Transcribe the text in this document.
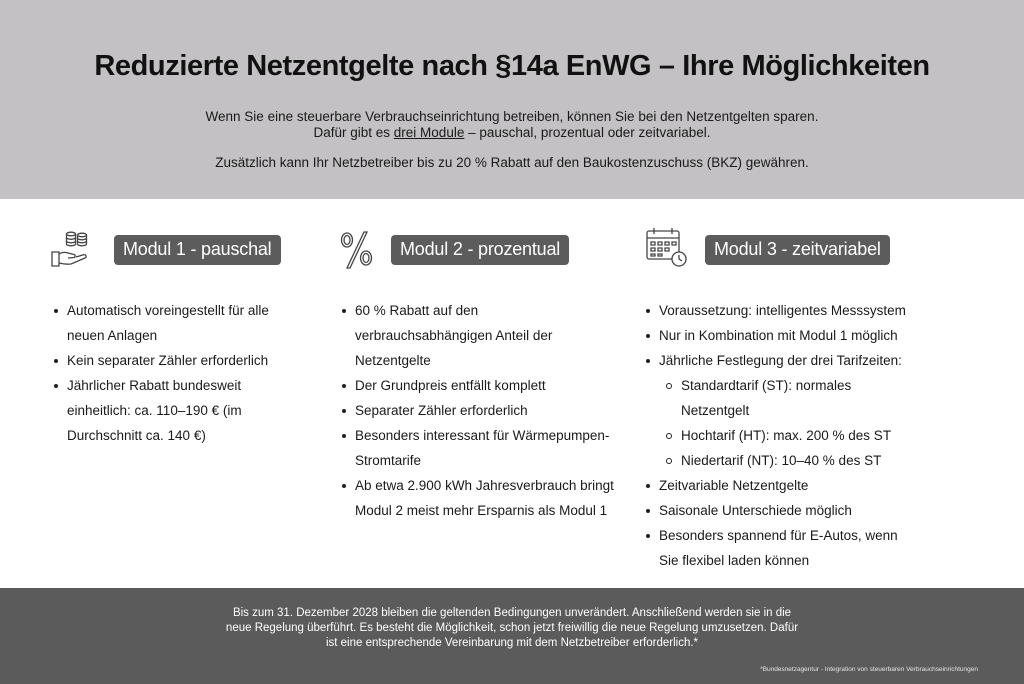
Reduzierte Netzentgelte nach §14a EnWG – Ihre Möglichkeiten
Wenn Sie eine steuerbare Verbrauchseinrichtung betreiben, können Sie bei den Netzentgelten sparen.
Dafür gibt es drei Module – pauschal, prozentual oder zeitvariabel.
Zusätzlich kann Ihr Netzbetreiber bis zu 20 % Rabatt auf den Baukostenzuschuss (BKZ) gewähren.
Modul 1 - pauschal
Automatisch voreingestellt für alle
neuen Anlagen
Kein separater Zähler erforderlich
Jährlicher Rabatt bundesweit
einheitlich: ca. 110–190 € (im
Durchschnitt ca. 140 €)
Modul 2 - prozentual
60 % Rabatt auf den
verbrauchsabhängigen Anteil der
Netzentgelte
Der Grundpreis entfällt komplett
Separater Zähler erforderlich
Besonders interessant für Wärmepumpen-
Stromtarife
Ab etwa 2.900 kWh Jahresverbrauch bringt
Modul 2 meist mehr Ersparnis als Modul 1
Modul 3 - zeitvariabel
Voraussetzung: intelligentes Messsystem
Nur in Kombination mit Modul 1 möglich
Jährliche Festlegung der drei Tarifzeiten:
Standardtarif (ST): normales
Netzentgelt
Hochtarif (HT): max. 200 % des ST
Niedertarif (NT): 10–40 % des ST
Zeitvariable Netzentgelte
Saisonale Unterschiede möglich
Besonders spannend für E-Autos, wenn
Sie flexibel laden können
Bis zum 31. Dezember 2028 bleiben die geltenden Bedingungen unverändert. Anschließend werden sie in die
neue Regelung überführt. Es besteht die Möglichkeit, schon jetzt freiwillig die neue Regelung umzusetzen. Dafür
ist eine entsprechende Vereinbarung mit dem Netzbetreiber erforderlich.*
*Bundesnetzagentur - Integration von steuerbaren Verbrauchseinrichtungen
